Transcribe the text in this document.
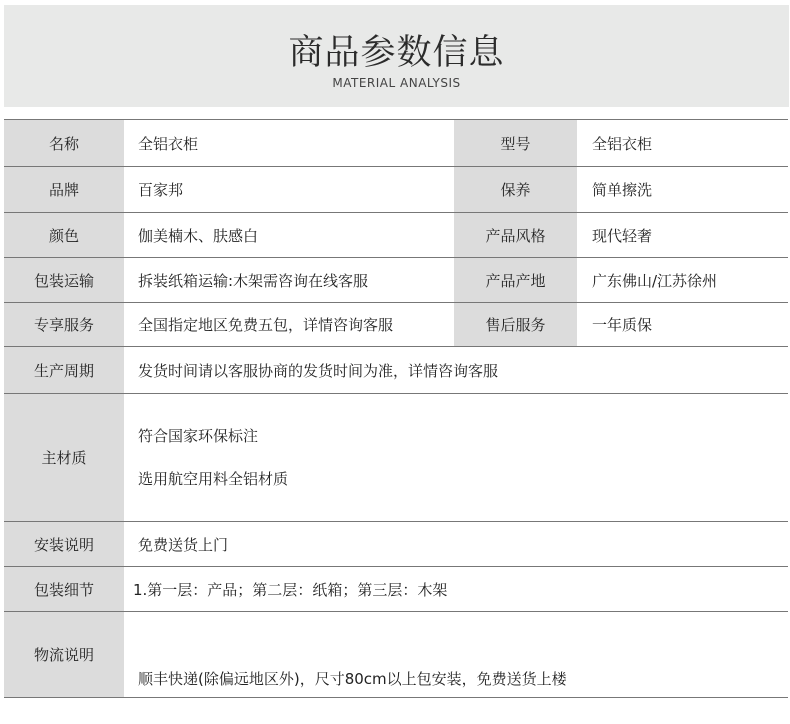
商品参数信息
MATERIAL ANALYSIS
名称	全铝衣柜	型号	全铝衣柜
品牌	百家邦	保养	简单擦洗
颜色	伽美楠木、肤感白	产品风格	现代轻奢
包装运输	拆装纸箱运输:木架需咨询在线客服	产品产地	广东佛山/江苏徐州
专享服务	全国指定地区免费五包，详情咨询客服	售后服务	一年质保
生产周期	发货时间请以客服协商的发货时间为准，详情咨询客服		
主材质	符合国家环保标注
选用航空用料全铝材质		

安装说明	免费送货上门		
包装细节	1.第一层：产品；第二层：纸箱；第三层：木架		
物流说明	顺丰快递(除偏远地区外)，尺寸80cm以上包安装，免费送货上楼		
